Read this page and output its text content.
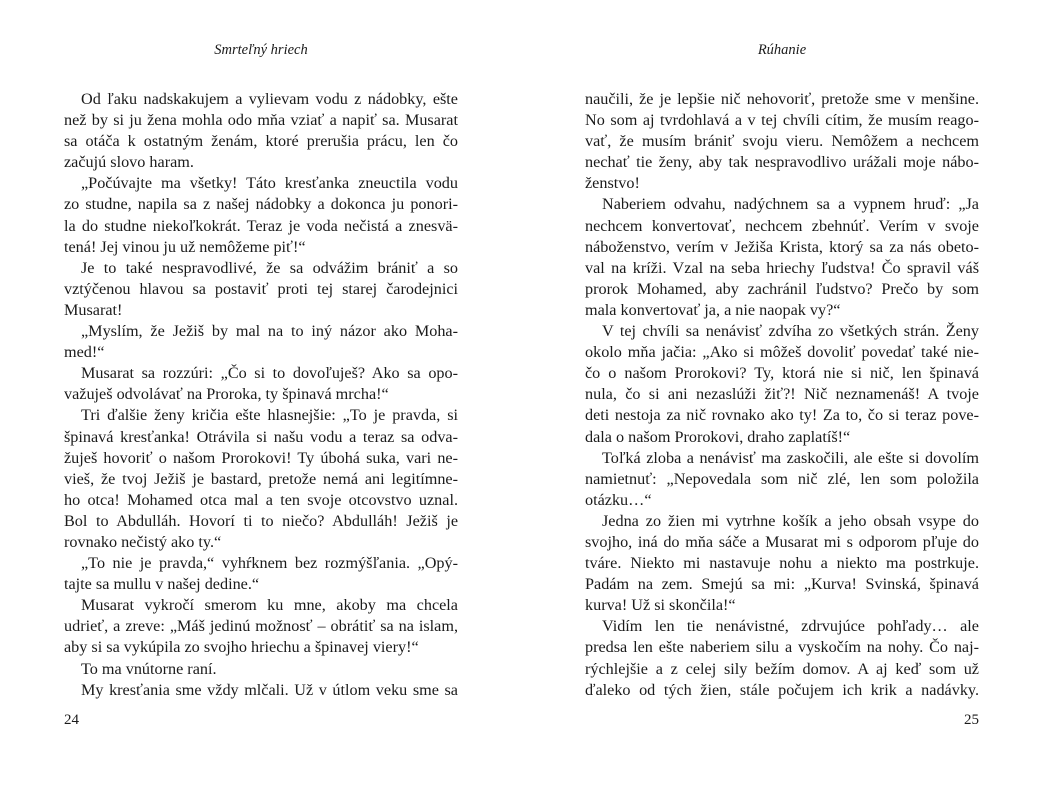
Smrteľný hriech
Od ľaku nadskakujem a vylievam vodu z nádobky, ešte
než by si ju žena mohla odo mňa vziať a napiť sa. Musarat
sa otáča k ostatným ženám, ktoré prerušia prácu, len čo
začujú slovo haram.
„Počúvajte ma všetky! Táto kresťanka zneuctila vodu
zo studne, napila sa z našej nádobky a dokonca ju ponori-
la do studne niekoľkokrát. Teraz je voda nečistá a znesvä-
tená! Jej vinou ju už nemôžeme piť!“
Je to také nespravodlivé, že sa odvážim brániť a so
vztýčenou hlavou sa postaviť proti tej starej čarodejnici
Musarat!
„Myslím, že Ježiš by mal na to iný názor ako Moha-
med!“
Musarat sa rozzúri: „Čo si to dovoľuješ? Ako sa opo-
važuješ odvolávať na Proroka, ty špinavá mrcha!“
Tri ďalšie ženy kričia ešte hlasnejšie: „To je pravda, si
špinavá kresťanka! Otrávila si našu vodu a teraz sa odva-
žuješ hovoriť o našom Prorokovi! Ty úbohá suka, vari ne-
vieš, že tvoj Ježiš je bastard, pretože nemá ani legitímne-
ho otca! Mohamed otca mal a ten svoje otcovstvo uznal.
Bol to Abdulláh. Hovorí ti to niečo? Abdulláh! Ježiš je
rovnako nečistý ako ty.“
„To nie je pravda,“ vyhŕknem bez rozmýšľania. „Opý-
tajte sa mullu v našej dedine.“
Musarat vykročí smerom ku mne, akoby ma chcela
udrieť, a zreve: „Máš jedinú možnosť – obrátiť sa na islam,
aby si sa vykúpila zo svojho hriechu a špinavej viery!“
To ma vnútorne raní.
My kresťania sme vždy mlčali. Už v útlom veku sme sa
24
Rúhanie
naučili, že je lepšie nič nehovoriť, pretože sme v menšine.
No som aj tvrdohlavá a v tej chvíli cítim, že musím reago-
vať, že musím brániť svoju vieru. Nemôžem a nechcem
nechať tie ženy, aby tak nespravodlivo urážali moje nábo-
ženstvo!
Naberiem odvahu, nadýchnem sa a vypnem hruď: „Ja
nechcem konvertovať, nechcem zbehnúť. Verím v svoje
náboženstvo, verím v Ježiša Krista, ktorý sa za nás obeto-
val na kríži. Vzal na seba hriechy ľudstva! Čo spravil váš
prorok Mohamed, aby zachránil ľudstvo? Prečo by som
mala konvertovať ja, a nie naopak vy?“
V tej chvíli sa nenávisť zdvíha zo všetkých strán. Ženy
okolo mňa jačia: „Ako si môžeš dovoliť povedať také nie-
čo o našom Prorokovi? Ty, ktorá nie si nič, len špinavá
nula, čo si ani nezaslúži žiť?! Nič neznamenáš! A tvoje
deti nestoja za nič rovnako ako ty! Za to, čo si teraz pove-
dala o našom Prorokovi, draho zaplatíš!“
Toľká zloba a nenávisť ma zaskočili, ale ešte si dovolím
namietnuť: „Nepovedala som nič zlé, len som položila
otázku…“
Jedna zo žien mi vytrhne košík a jeho obsah vsype do
svojho, iná do mňa sáče a Musarat mi s odporom pľuje do
tváre. Niekto mi nastavuje nohu a niekto ma postrkuje.
Padám na zem. Smejú sa mi: „Kurva! Svinská, špinavá
kurva! Už si skončila!“
Vidím len tie nenávistné, zdrvujúce pohľady… ale
predsa len ešte naberiem silu a vyskočím na nohy. Čo naj-
rýchlejšie a z celej sily bežím domov. A aj keď som už
ďaleko od tých žien, stále počujem ich krik a nadávky.
25
